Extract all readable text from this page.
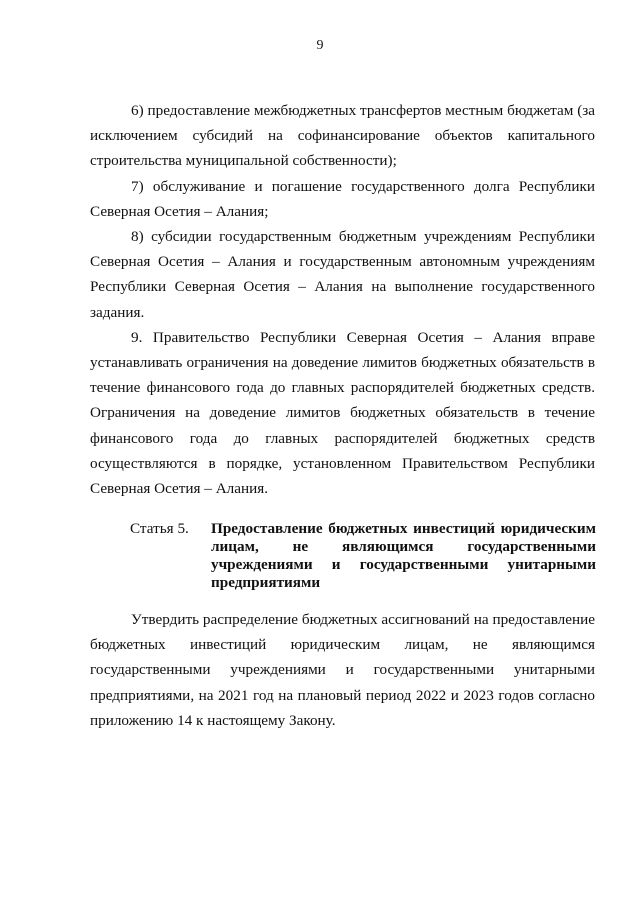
9

6) предоставление межбюджетных трансфертов местным бюджетам (за исключением субсидий на софинансирование объектов капитального строительства муниципальной собственности);

7) обслуживание и погашение государственного долга Республики Северная Осетия – Алания;

8) субсидии государственным бюджетным учреждениям Республики Северная Осетия – Алания и государственным автономным учреждениям Республики Северная Осетия – Алания на выполнение государственного задания.

9. Правительство Республики Северная Осетия – Алания вправе устанавливать ограничения на доведение лимитов бюджетных обязательств в течение финансового года до главных распорядителей бюджетных средств. Ограничения на доведение лимитов бюджетных обязательств в течение финансового года до главных распорядителей бюджетных средств осуществляются в порядке, установленном Правительством Республики Северная Осетия – Алания.

Статья 5. Предоставление бюджетных инвестиций юридическим лицам, не являющимся государственными учреждениями и государственными унитарными предприятиями

Утвердить распределение бюджетных ассигнований на предоставление бюджетных инвестиций юридическим лицам, не являющимся государственными учреждениями и государственными унитарными предприятиями, на 2021 год на плановый период 2022 и 2023 годов согласно приложению 14 к настоящему Закону.
